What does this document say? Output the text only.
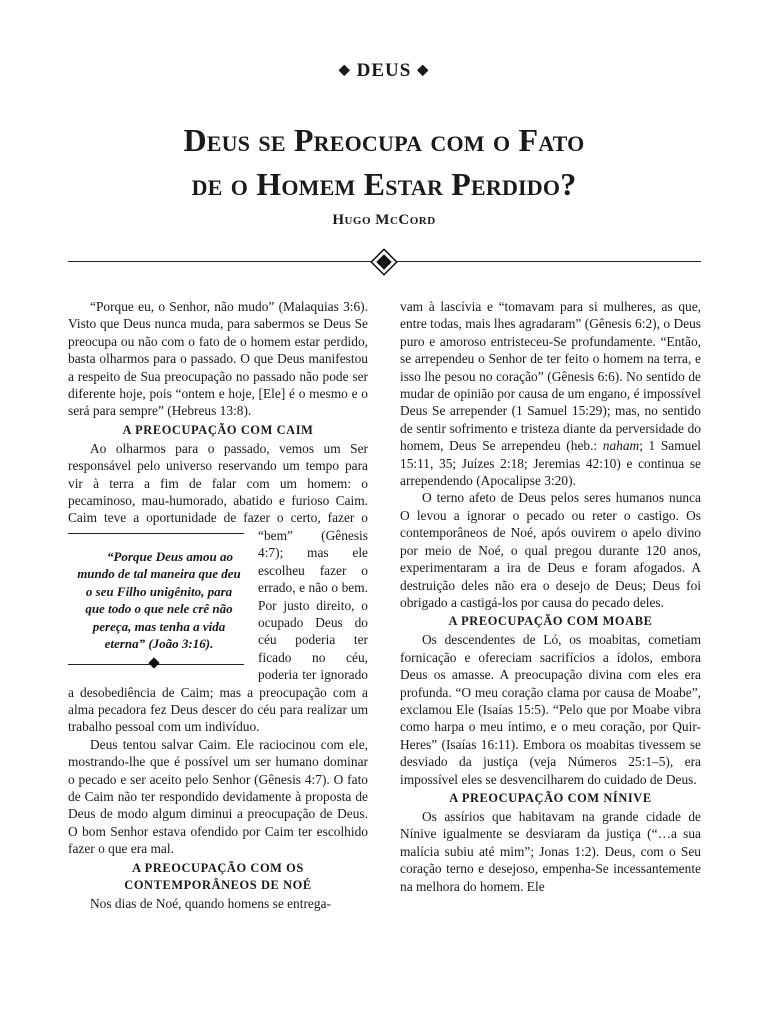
◆ DEUS ◆
Deus se Preocupa com o Fato
de o Homem Estar Perdido?
Hugo McCord

“Porque eu, o Senhor, não mudo” (Malaquias 3:6). Visto que Deus nunca muda, para sabermos se Deus Se preocupa ou não com o fato de o homem estar perdido, basta olharmos para o passado. O que Deus manifestou a respeito de Sua preocupação no passado não pode ser diferente hoje, pois “ontem e hoje, [Ele] é o mesmo e o será para sempre” (Hebreus 13:8).

A PREOCUPAÇÃO COM CAIM

Ao olharmos para o passado, vemos um Ser responsável pelo universo reservando um tempo para vir à terra a fim de falar com um homem: o pecaminoso, mau-humorado, abatido e furioso Caim. Caim teve a oportunidade de
“Porque Deus amou ao mundo de tal maneira que deu o seu Filho unigênito, para que todo o que nele crê não pereça, mas tenha a vida eterna” (João 3:16).
fazer o certo, fazer o “bem” (Gênesis 4:7); mas ele escolheu fazer o errado, e não o bem. Por justo direito, o ocupado Deus do céu poderia ter ficado no céu, poderia ter ignorado a desobediência de Caim; mas a preocupação com a alma pecadora fez Deus descer do céu para realizar um trabalho pessoal com um indivíduo.

Deus tentou salvar Caim. Ele raciocinou com ele, mostrando-lhe que é possível um ser humano dominar o pecado e ser aceito pelo Senhor (Gênesis 4:7). O fato de Caim não ter respondido devidamente à proposta de Deus de modo algum diminui a preocupação de Deus. O bom Senhor estava ofendido por Caim ter escolhido fazer o que era mal.

A PREOCUPAÇÃO COM OS
CONTEMPORÂNEOS DE NOÉ

Nos dias de Noé, quando homens se entrega-

vam à lascívia e “tomavam para si mulheres, as que, entre todas, mais lhes agradaram” (Gênesis 6:2), o Deus puro e amoroso entristeceu-Se profundamente. “Então, se arrependeu o Senhor de ter feito o homem na terra, e isso lhe pesou no coração” (Gênesis 6:6). No sentido de mudar de opinião por causa de um engano, é impossível Deus Se arrepender (1 Samuel 15:29); mas, no sentido de sentir sofrimento e tristeza diante da perversidade do homem, Deus Se arrependeu (heb.: naham; 1 Samuel 15:11, 35; Juízes 2:18; Jeremias 42:10) e continua se arrependendo (Apocalipse 3:20).

O terno afeto de Deus pelos seres humanos nunca O levou a ignorar o pecado ou reter o castigo. Os contemporâneos de Noé, após ouvirem o apelo divino por meio de Noé, o qual pregou durante 120 anos, experimentaram a ira de Deus e foram afogados. A destruição deles não era o desejo de Deus; Deus foi obrigado a castigá-los por causa do pecado deles.

A PREOCUPAÇÃO COM MOABE

Os descendentes de Ló, os moabitas, cometiam fornicação e ofereciam sacrifícios a ídolos, embora Deus os amasse. A preocupação divina com eles era profunda. “O meu coração clama por causa de Moabe”, exclamou Ele (Isaías 15:5). “Pelo que por Moabe vibra como harpa o meu íntimo, e o meu coração, por Quir-Heres” (Isaías 16:11). Embora os moabitas tivessem se desviado da justiça (veja Números 25:1–5), era impossível eles se desvencilharem do cuidado de Deus.

A PREOCUPAÇÃO COM NÍNIVE

Os assírios que habitavam na grande cidade de Nínive igualmente se desviaram da justiça (“…a sua malícia subiu até mim”; Jonas 1:2). Deus, com o Seu coração terno e desejoso, empenha-Se incessantemente na melhora do homem. Ele
